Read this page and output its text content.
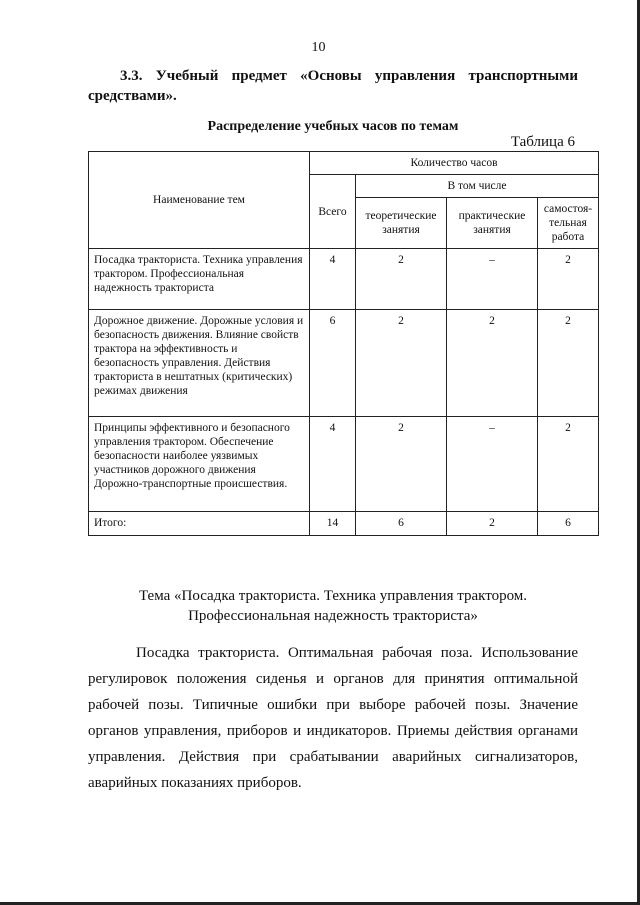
10
3.3. Учебный предмет «Основы управления транспортными средствами».
Распределение учебных часов по темам
Таблица 6
Наименование тем	Количество часов			
	Всего	В том числе		
		теоретические занятия	практические занятия	самостоя-тельная работа
Посадка тракториста. Техника управления трактором. Профессиональная надежность тракториста	4	2	–	2
Дорожное движение. Дорожные условия и безопасность движения. Влияние свойств трактора на эффективность и безопасность управления. Действия тракториста в нештатных (критических) режимах движения	6	2	2	2
Принципы эффективного и безопасного управления трактором. Обеспечение безопасности наиболее уязвимых участников дорожного движения Дорожно-транспортные происшествия.	4	2	–	2
Итого:	14	6	2	6
Тема «Посадка тракториста. Техника управления трактором.
Профессиональная надежность тракториста»

Посадка тракториста. Оптимальная рабочая поза. Использование регулировок положения сиденья и органов для принятия оптимальной рабочей позы. Типичные ошибки при выборе рабочей позы. Значение органов управления, приборов и индикаторов. Приемы действия органами управления. Действия при срабатывании аварийных сигнализаторов, аварийных показаниях приборов.
